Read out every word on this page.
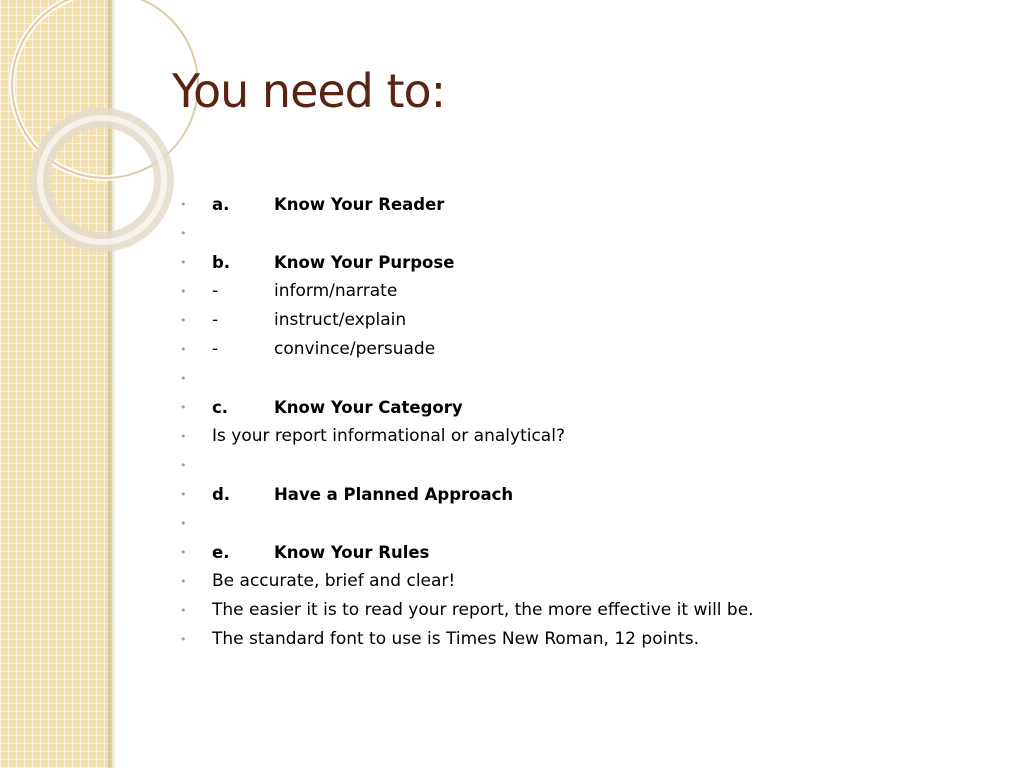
You need to:
• a.	Know Your Reader
•
• b.	Know Your Purpose
• -	inform/narrate
• -	instruct/explain
• -	convince/persuade
•
• c.	Know Your Category
• Is your report informational or analytical?
•
• d.	Have a Planned Approach
•
• e.	Know Your Rules
• Be accurate, brief and clear!
• The easier it is to read your report, the more effective it will be.
• The standard font to use is Times New Roman, 12 points.
